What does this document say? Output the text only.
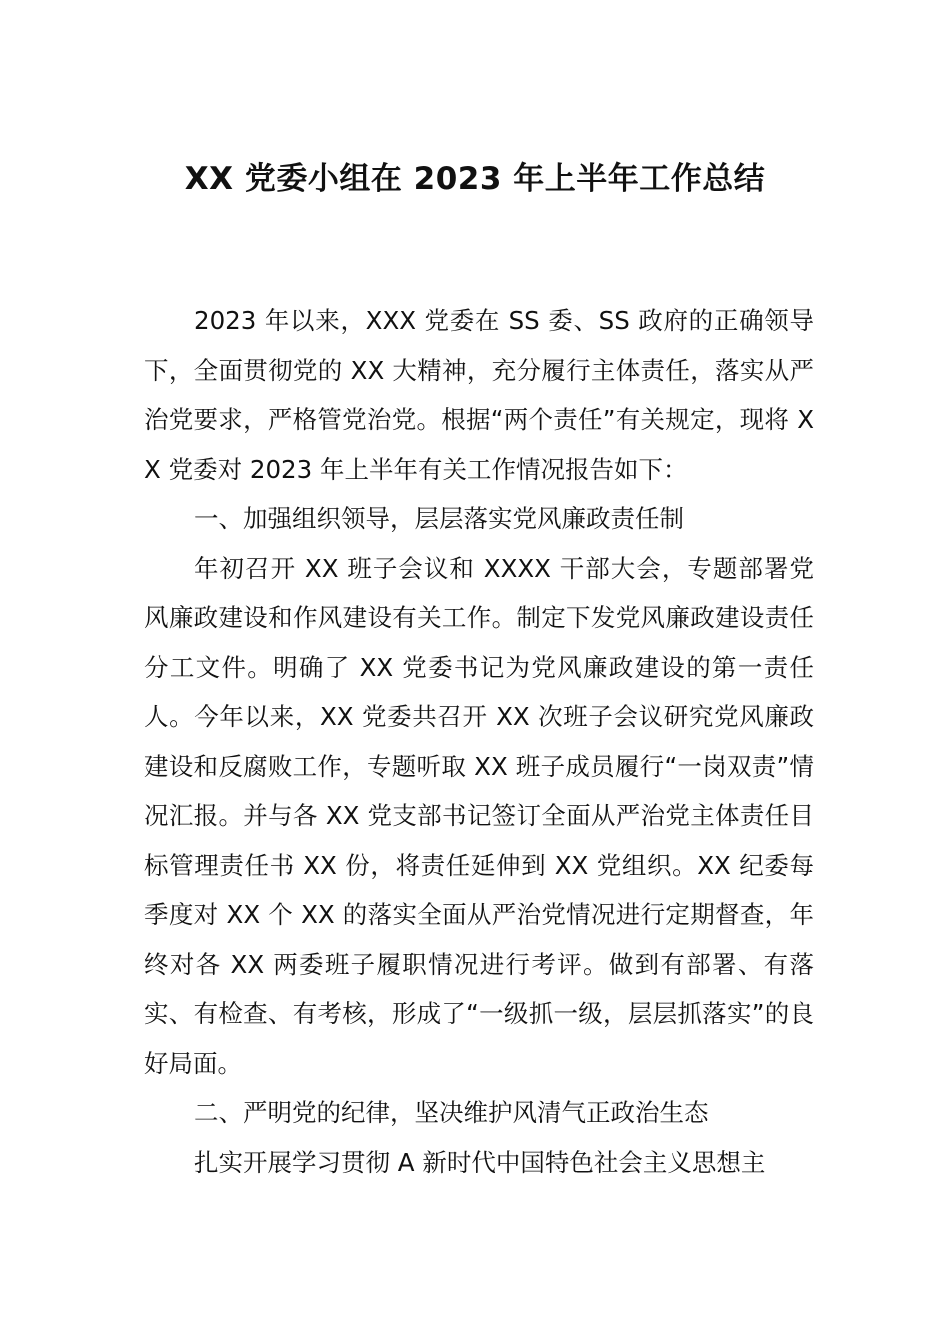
XX 党委小组在 2023 年上半年工作总结

2023 年以来，XXX 党委在 SS 委、SS 政府的正确领导下，全面贯彻党的 XX 大精神，充分履行主体责任，落实从严治党要求，严格管党治党。根据“两个责任”有关规定，现将 XX 党委对 2023 年上半年有关工作情况报告如下：

一、加强组织领导，层层落实党风廉政责任制

年初召开 XX 班子会议和 XXXX 干部大会，专题部署党风廉政建设和作风建设有关工作。制定下发党风廉政建设责任分工文件。明确了 XX 党委书记为党风廉政建设的第一责任人。今年以来，XX 党委共召开 XX 次班子会议研究党风廉政建设和反腐败工作，专题听取 XX 班子成员履行“一岗双责”情况汇报。并与各 XX 党支部书记签订全面从严治党主体责任目标管理责任书 XX 份，将责任延伸到 XX 党组织。XX 纪委每季度对 XX 个 XX 的落实全面从严治党情况进行定期督查，年终对各 XX 两委班子履职情况进行考评。做到有部署、有落实、有检查、有考核，形成了“一级抓一级，层层抓落实”的良好局面。

二、严明党的纪律，坚决维护风清气正政治生态

扎实开展学习贯彻 A 新时代中国特色社会主义思想主
